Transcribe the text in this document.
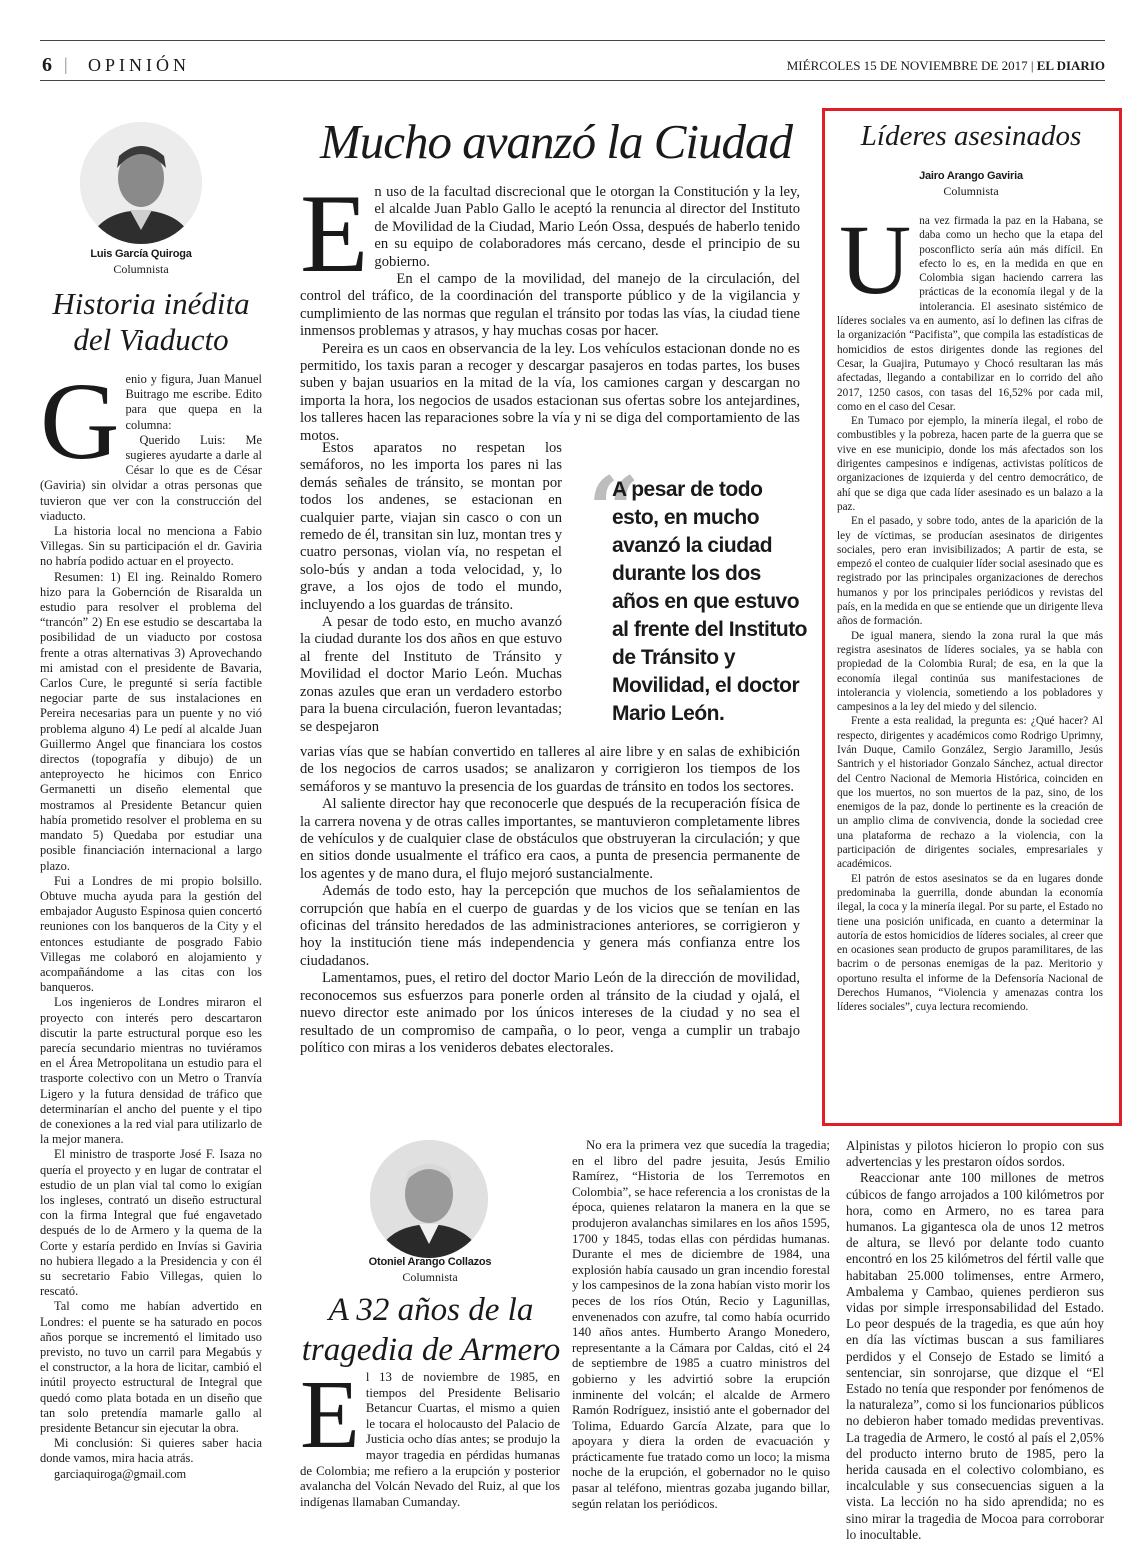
6 | OPINIÓN	MIÉRCOLES 15 DE NOVIEMBRE DE 2017 | EL DIARIO
Luis García Quiroga
Columnista
Historia inédita
del Viaducto
G enio y figura, Juan Manuel Buitrago me escribe. Edito para que quepa en la columna:

Querido Luis: Me sugieres ayudarte a darle al César lo que es de César (Gaviria) sin olvidar a otras personas que tuvieron que ver con la construcción del viaducto.

La historia local no menciona a Fabio Villegas. Sin su participación el dr. Gaviria no habría podido actuar en el proyecto.

Resumen: 1) El ing. Reinaldo Romero hizo para la Gobernción de Risaralda un estudio para resolver el problema del “trancón” 2) En ese estudio se descartaba la posibilidad de un viaducto por costosa frente a otras alternativas 3) Aprovechando mi amistad con el presidente de Bavaria, Carlos Cure, le pregunté si sería factible negociar parte de sus instalaciones en Pereira necesarias para un puente y no vió problema alguno 4) Le pedí al alcalde Juan Guillermo Angel que financiara los costos directos (topografía y dibujo) de un anteproyecto he hicimos con Enrico Germanetti un diseño elemental que mostramos al Presidente Betancur quien había prometido resolver el problema en su mandato 5) Quedaba por estudiar una posible financiación internacional a largo plazo.

Fui a Londres de mi propio bolsillo. Obtuve mucha ayuda para la gestión del embajador Augusto Espinosa quien concertó reuniones con los banqueros de la City y el entonces estudiante de posgrado Fabio Villegas me colaboró en alojamiento y acompañándome a las citas con los banqueros.

Los ingenieros de Londres miraron el proyecto con interés pero descartaron discutir la parte estructural porque eso les parecía secundario mientras no tuviéramos en el Área Metropolitana un estudio para el trasporte colectivo con un Metro o Tranvía Ligero y la futura densidad de tráfico que determinarían el ancho del puente y el tipo de conexiones a la red vial para utilizarlo de la mejor manera.

El ministro de trasporte José F. Isaza no quería el proyecto y en lugar de contratar el estudio de un plan vial tal como lo exigían los ingleses, contrató un diseño estructural con la firma Integral que fué engavetado después de lo de Armero y la quema de la Corte y estaría perdido en Invías si Gaviria no hubiera llegado a la Presidencia y con él su secretario Fabio Villegas, quien lo rescató.

Tal como me habían advertido en Londres: el puente se ha saturado en pocos años porque se incrementó el limitado uso previsto, no tuvo un carril para Megabús y el constructor, a la hora de licitar, cambió el inútil proyecto estructural de Integral que quedó como plata botada en un diseño que tan solo pretendía mamarle gallo al presidente Betancur sin ejecutar la obra.

Mi conclusión: Si quieres saber hacia donde vamos, mira hacia atrás.

garciaquiroga@gmail.com

Mucho avanzó la Ciudad
E n uso de la facultad discrecional que le otorgan la Constitución y la ley, el alcalde Juan Pablo Gallo le aceptó la renuncia al director del Instituto de Movilidad de la Ciudad, Mario León Ossa, después de haberlo tenido en su equipo de colaboradores más cercano, desde el principio de su gobierno.

En el campo de la movilidad, del manejo de la circulación, del control del tráfico, de la coordinación del transporte público y de la vigilancia y cumplimiento de las normas que regulan el tránsito por todas las vías, la ciudad tiene inmensos problemas y atrasos, y hay muchas cosas por hacer.

Pereira es un caos en observancia de la ley. Los vehículos estacionan donde no es permitido, los taxis paran a recoger y descargar pasajeros en todas partes, los buses suben y bajan usuarios en la mitad de la vía, los camiones cargan y descargan no importa la hora, los negocios de usados estacionan sus ofertas sobre los antejardines, los talleres hacen las reparaciones sobre la vía y ni se diga del comportamiento de las motos.

Estos aparatos no respetan los semáforos, no les importa los pares ni las demás señales de tránsito, se montan por todos los andenes, se estacionan en cualquier parte, viajan sin casco o con un remedo de él, transitan sin luz, montan tres y cuatro personas, violan vía, no respetan el solo-bús y andan a toda velocidad, y, lo grave, a los ojos de todo el mundo, incluyendo a los guardas de tránsito.

A pesar de todo esto, en mucho avanzó la ciudad durante los dos años en que estuvo al frente del Instituto de Tránsito y Movilidad el doctor Mario León. Muchas zonas azules que eran un verdadero estorbo para la buena circulación, fueron levantadas; se despejaron

“
A pesar de todo esto, en mucho avanzó la ciudad durante los dos años en que estuvo al frente del Instituto de Tránsito y Movilidad, el doctor Mario León.

varias vías que se habían convertido en talleres al aire libre y en salas de exhibición de los negocios de carros usados; se analizaron y corrigieron los tiempos de los semáforos y se mantuvo la presencia de los guardas de tránsito en todos los sectores.

Al saliente director hay que reconocerle que después de la recuperación física de la carrera novena y de otras calles importantes, se mantuvieron completamente libres de vehículos y de cualquier clase de obstáculos que obstruyeran la circulación; y que en sitios donde usualmente el tráfico era caos, a punta de presencia permanente de los agentes y de mano dura, el flujo mejoró sustancialmente.

Además de todo esto, hay la percepción que muchos de los señalamientos de corrupción que había en el cuerpo de guardas y de los vicios que se tenían en las oficinas del tránsito heredados de las administraciones anteriores, se corrigieron y hoy la institución tiene más independencia y genera más confianza entre los ciudadanos.

Lamentamos, pues, el retiro del doctor Mario León de la dirección de movilidad, reconocemos sus esfuerzos para ponerle orden al tránsito de la ciudad y ojalá, el nuevo director este animado por los únicos intereses de la ciudad y no sea el resultado de un compromiso de campaña, o lo peor, venga a cumplir un trabajo político con miras a los venideros debates electorales.

Líderes asesinados
Jairo Arango Gaviria
Columnista
U na vez firmada la paz en la Habana, se daba como un hecho que la etapa del posconflicto sería aún más difícil. En efecto lo es, en la medida en que en Colombia sigan haciendo carrera las prácticas de la economía ilegal y de la intolerancia. El asesinato sistémico de líderes sociales va en aumento, así lo definen las cifras de la organización “Pacifista”, que compila las estadísticas de homicidios de estos dirigentes donde las regiones del Cesar, la Guajira, Putumayo y Chocó resultaran las más afectadas, llegando a contabilizar en lo corrido del año 2017, 1250 casos, con tasas del 16,52% por cada mil, como en el caso del Cesar.

En Tumaco por ejemplo, la minería ilegal, el robo de combustibles y la pobreza, hacen parte de la guerra que se vive en ese municipio, donde los más afectados son los dirigentes campesinos e indígenas, activistas políticos de organizaciones de izquierda y del centro democrático, de ahí que se diga que cada líder asesinado es un balazo a la paz.

En el pasado, y sobre todo, antes de la aparición de la ley de víctimas, se producían asesinatos de dirigentes sociales, pero eran invisibilizados; A partir de esta, se empezó el conteo de cualquier líder social asesinado que es registrado por las principales organizaciones de derechos humanos y por los principales periódicos y revistas del país, en la medida en que se entiende que un dirigente lleva años de formación.

De igual manera, siendo la zona rural la que más registra asesinatos de líderes sociales, ya se habla con propiedad de la Colombia Rural; de esa, en la que la economía ilegal continúa sus manifestaciones de intolerancia y violencia, sometiendo a los pobladores y campesinos a la ley del miedo y del silencio.

Frente a esta realidad, la pregunta es: ¿Qué hacer? Al respecto, dirigentes y académicos como Rodrigo Uprimny, Iván Duque, Camilo González, Sergio Jaramillo, Jesús Santrich y el historiador Gonzalo Sánchez, actual director del Centro Nacional de Memoria Histórica, coinciden en que los muertos, no son muertos de la paz, sino, de los enemigos de la paz, donde lo pertinente es la creación de un amplio clima de convivencia, donde la sociedad cree una plataforma de rechazo a la violencia, con la participación de dirigentes sociales, empresariales y académicos.

El patrón de estos asesinatos se da en lugares donde predominaba la guerrilla, donde abundan la economía ilegal, la coca y la minería ilegal. Por su parte, el Estado no tiene una posición unificada, en cuanto a determinar la autoría de estos homicidios de líderes sociales, al creer que en ocasiones sean producto de grupos paramilitares, de las bacrim o de personas enemigas de la paz. Meritorio y oportuno resulta el informe de la Defensoría Nacional de Derechos Humanos, “Violencia y amenazas contra los líderes sociales”, cuya lectura recomiendo.

Otoniel Arango Collazos
Columnista
A 32 años de la
tragedia de Armero
E l 13 de noviembre de 1985, en tiempos del Presidente Belisario Betancur Cuartas, el mismo a quien le tocara el holocausto del Palacio de Justicia ocho días antes; se produjo la mayor tragedia en pérdidas humanas de Colombia; me refiero a la erupción y posterior avalancha del Volcán Nevado del Ruiz, al que los indígenas llamaban Cumanday.

No era la primera vez que sucedía la tragedia; en el libro del padre jesuita, Jesús Emilio Ramírez, “Historia de los Terremotos en Colombia”, se hace referencia a los cronistas de la época, quienes relataron la manera en la que se produjeron avalanchas similares en los años 1595, 1700 y 1845, todas ellas con pérdidas humanas. Durante el mes de diciembre de 1984, una explosión había causado un gran incendio forestal y los campesinos de la zona habían visto morir los peces de los ríos Otún, Recio y Lagunillas, envenenados con azufre, tal como había ocurrido 140 años antes. Humberto Arango Monedero, representante a la Cámara por Caldas, citó el 24 de septiembre de 1985 a cuatro ministros del gobierno y les advirtió sobre la erupción inminente del volcán; el alcalde de Armero Ramón Rodríguez, insistió ante el gobernador del Tolima, Eduardo García Alzate, para que lo apoyara y diera la orden de evacuación y prácticamente fue tratado como un loco; la misma noche de la erupción, el gobernador no le quiso pasar al teléfono, mientras gozaba jugando billar, según relatan los periódicos.

Alpinistas y pilotos hicieron lo propio con sus advertencias y les prestaron oídos sordos.

Reaccionar ante 100 millones de metros cúbicos de fango arrojados a 100 kilómetros por hora, como en Armero, no es tarea para humanos. La gigantesca ola de unos 12 metros de altura, se llevó por delante todo cuanto encontró en los 25 kilómetros del fértil valle que habitaban 25.000 tolimenses, entre Armero, Ambalema y Cambao, quienes perdieron sus vidas por simple irresponsabilidad del Estado. Lo peor después de la tragedia, es que aún hoy en día las víctimas buscan a sus familiares perdidos y el Consejo de Estado se limitó a sentenciar, sin sonrojarse, que dizque el “El Estado no tenía que responder por fenómenos de la naturaleza”, como si los funcionarios públicos no debieron haber tomado medidas preventivas. La tragedia de Armero, le costó al país el 2,05% del producto interno bruto de 1985, pero la herida causada en el colectivo colombiano, es incalculable y sus consecuencias siguen a la vista. La lección no ha sido aprendida; no es sino mirar la tragedia de Mocoa para corroborar lo inocultable.
